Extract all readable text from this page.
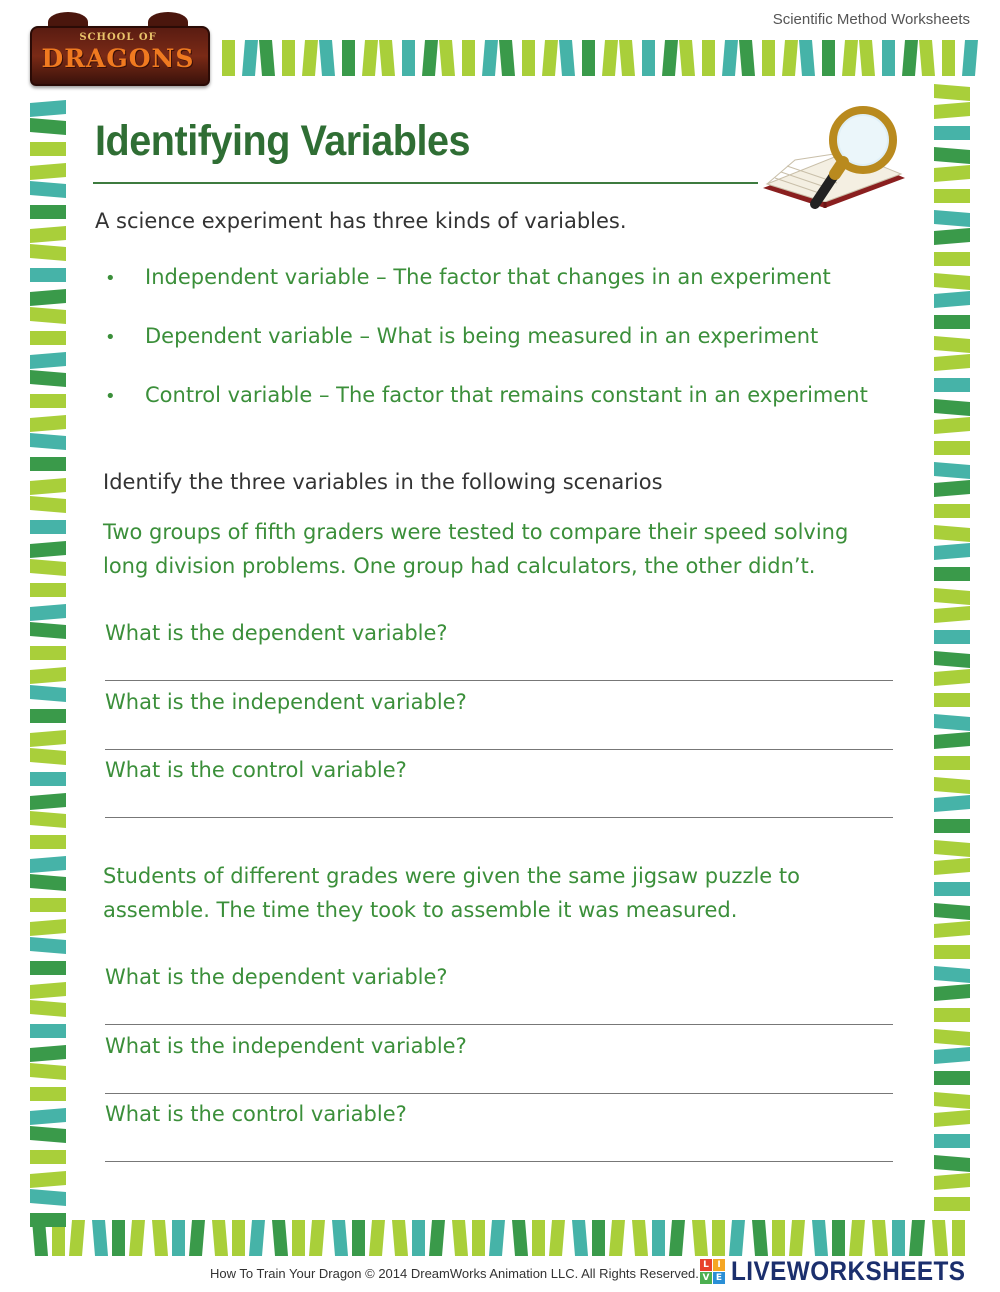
Scientific Method Worksheets
SCHOOL OF
DRAGONS
Identifying Variables
A science experiment has three kinds of variables.
• Independent variable – The factor that changes in an experiment
• Dependent variable – What is being measured in an experiment
• Control variable – The factor that remains constant in an experiment
Identify the three variables in the following scenarios
Two groups of fifth graders were tested to compare their speed solving long division problems. One group had calculators, the other didn’t.
What is the dependent variable?
What is the independent variable?
What is the control variable?
Students of different grades were given the same jigsaw puzzle to assemble. The time they took to assemble it was measured.
What is the dependent variable?
What is the independent variable?
What is the control variable?
How To Train Your Dragon © 2014 DreamWorks Animation LLC. All Rights Reserved.
L I
V E LIVEWORKSHEETS
